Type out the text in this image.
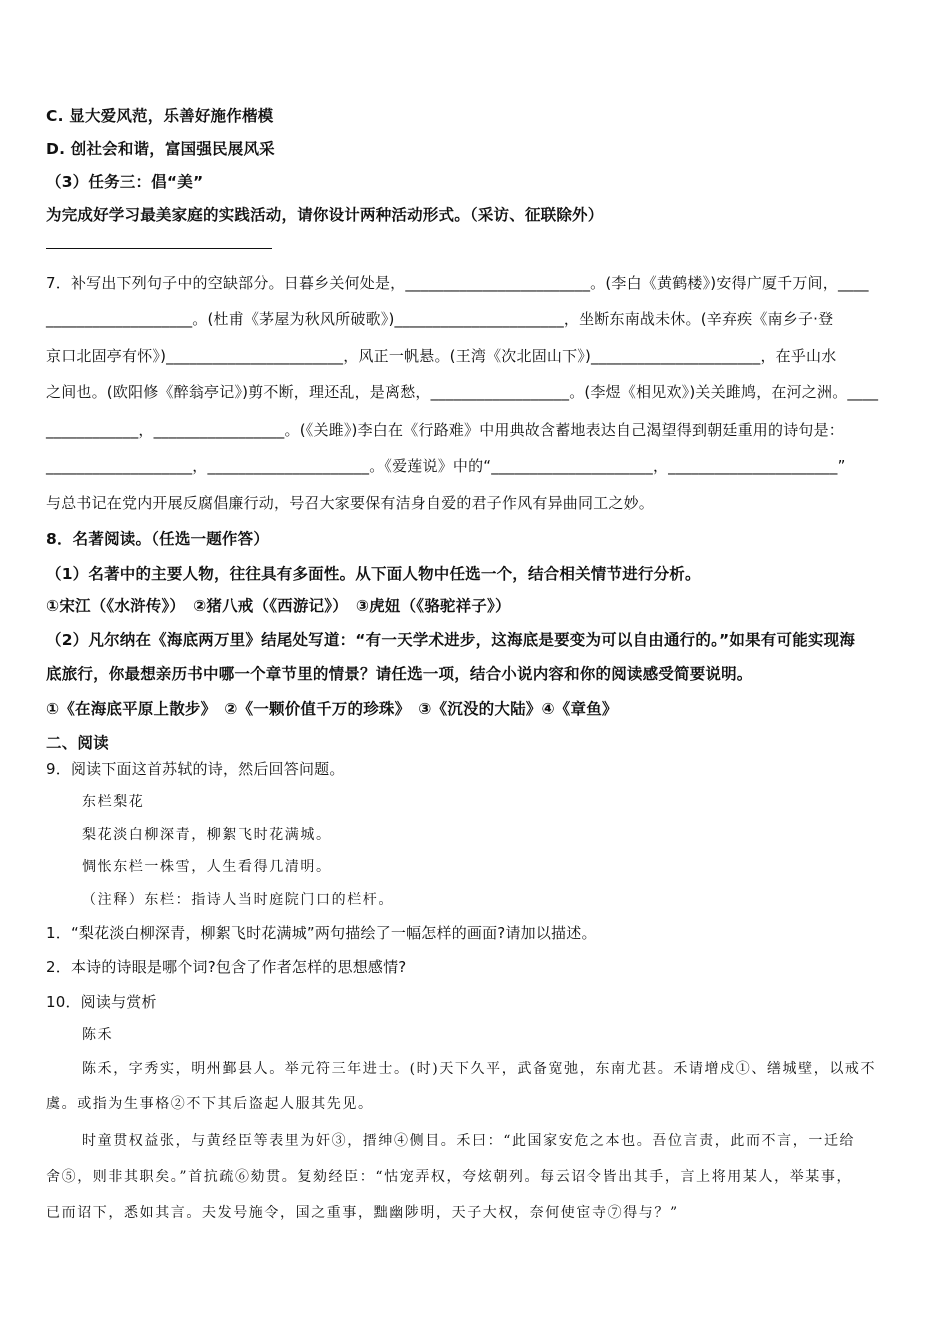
C. 显大爱风范，乐善好施作楷模

D. 创社会和谐，富国强民展风采

（3）任务三：倡“美”

为完成好学习最美家庭的实践活动，请你设计两种活动形式。（采访、征联除外）

7．补写出下列句子中的空缺部分。日暮乡关何处是，________________________。(李白《黄鹤楼》)安得广厦千万间，____

___________________。(杜甫《茅屋为秋风所破歌》)______________________，坐断东南战未休。(辛弃疾《南乡子·登

京口北固亭有怀》)_______________________，风正一帆悬。(王湾《次北固山下》)______________________，在乎山水

之间也。(欧阳修《醉翁亭记》)剪不断，理还乱，是离愁，__________________。(李煜《相见欢》)关关雎鸠，在河之洲。____

____________，_________________。(《关雎》)李白在《行路难》中用典故含蓄地表达自己渴望得到朝廷重用的诗句是：

___________________，_____________________。《爱莲说》中的“_____________________，______________________”

与总书记在党内开展反腐倡廉行动，号召大家要保有洁身自爱的君子作风有异曲同工之妙。

8．名著阅读。（任选一题作答）

（1）名著中的主要人物，往往具有多面性。从下面人物中任选一个，结合相关情节进行分析。

①宋江（《水浒传》）　②猪八戒（《西游记》）　③虎妞（《骆驼祥子》）

（2）凡尔纳在《海底两万里》结尾处写道：“有一天学术进步，这海底是要变为可以自由通行的。”如果有可能实现海

底旅行，你最想亲历书中哪一个章节里的情景？请任选一项，结合小说内容和你的阅读感受简要说明。

①《在海底平原上散步》　②《一颗价值千万的珍珠》　③《沉没的大陆》④《章鱼》

二、阅读

9．阅读下面这首苏轼的诗，然后回答问题。

东栏梨花

梨花淡白柳深青，柳絮飞时花满城。

惆怅东栏一株雪，人生看得几清明。

（注释）东栏：指诗人当时庭院门口的栏杆。

1．“梨花淡白柳深青，柳絮飞时花满城”两句描绘了一幅怎样的画面?请加以描述。

2．本诗的诗眼是哪个词?包含了作者怎样的思想感情?

10．阅读与赏析

陈禾

陈禾，字秀实，明州鄞县人。举元符三年进士。(时)天下久平，武备宽弛，东南尤甚。禾请增戍①、缮城壁，以戒不

虞。或指为生事格②不下其后盗起人服其先见。

时童贯权益张，与黄经臣等表里为奸③，搢绅④侧目。禾曰：“此国家安危之本也。吾位言责，此而不言，一迁给

舍⑤，则非其职矣。”首抗疏⑥劾贯。复劾经臣：“怙宠弄权，夸炫朝列。每云诏令皆出其手，言上将用某人，举某事，

已而诏下，悉如其言。夫发号施令，国之重事，黜幽陟明，天子大权，奈何使宦寺⑦得与？”
